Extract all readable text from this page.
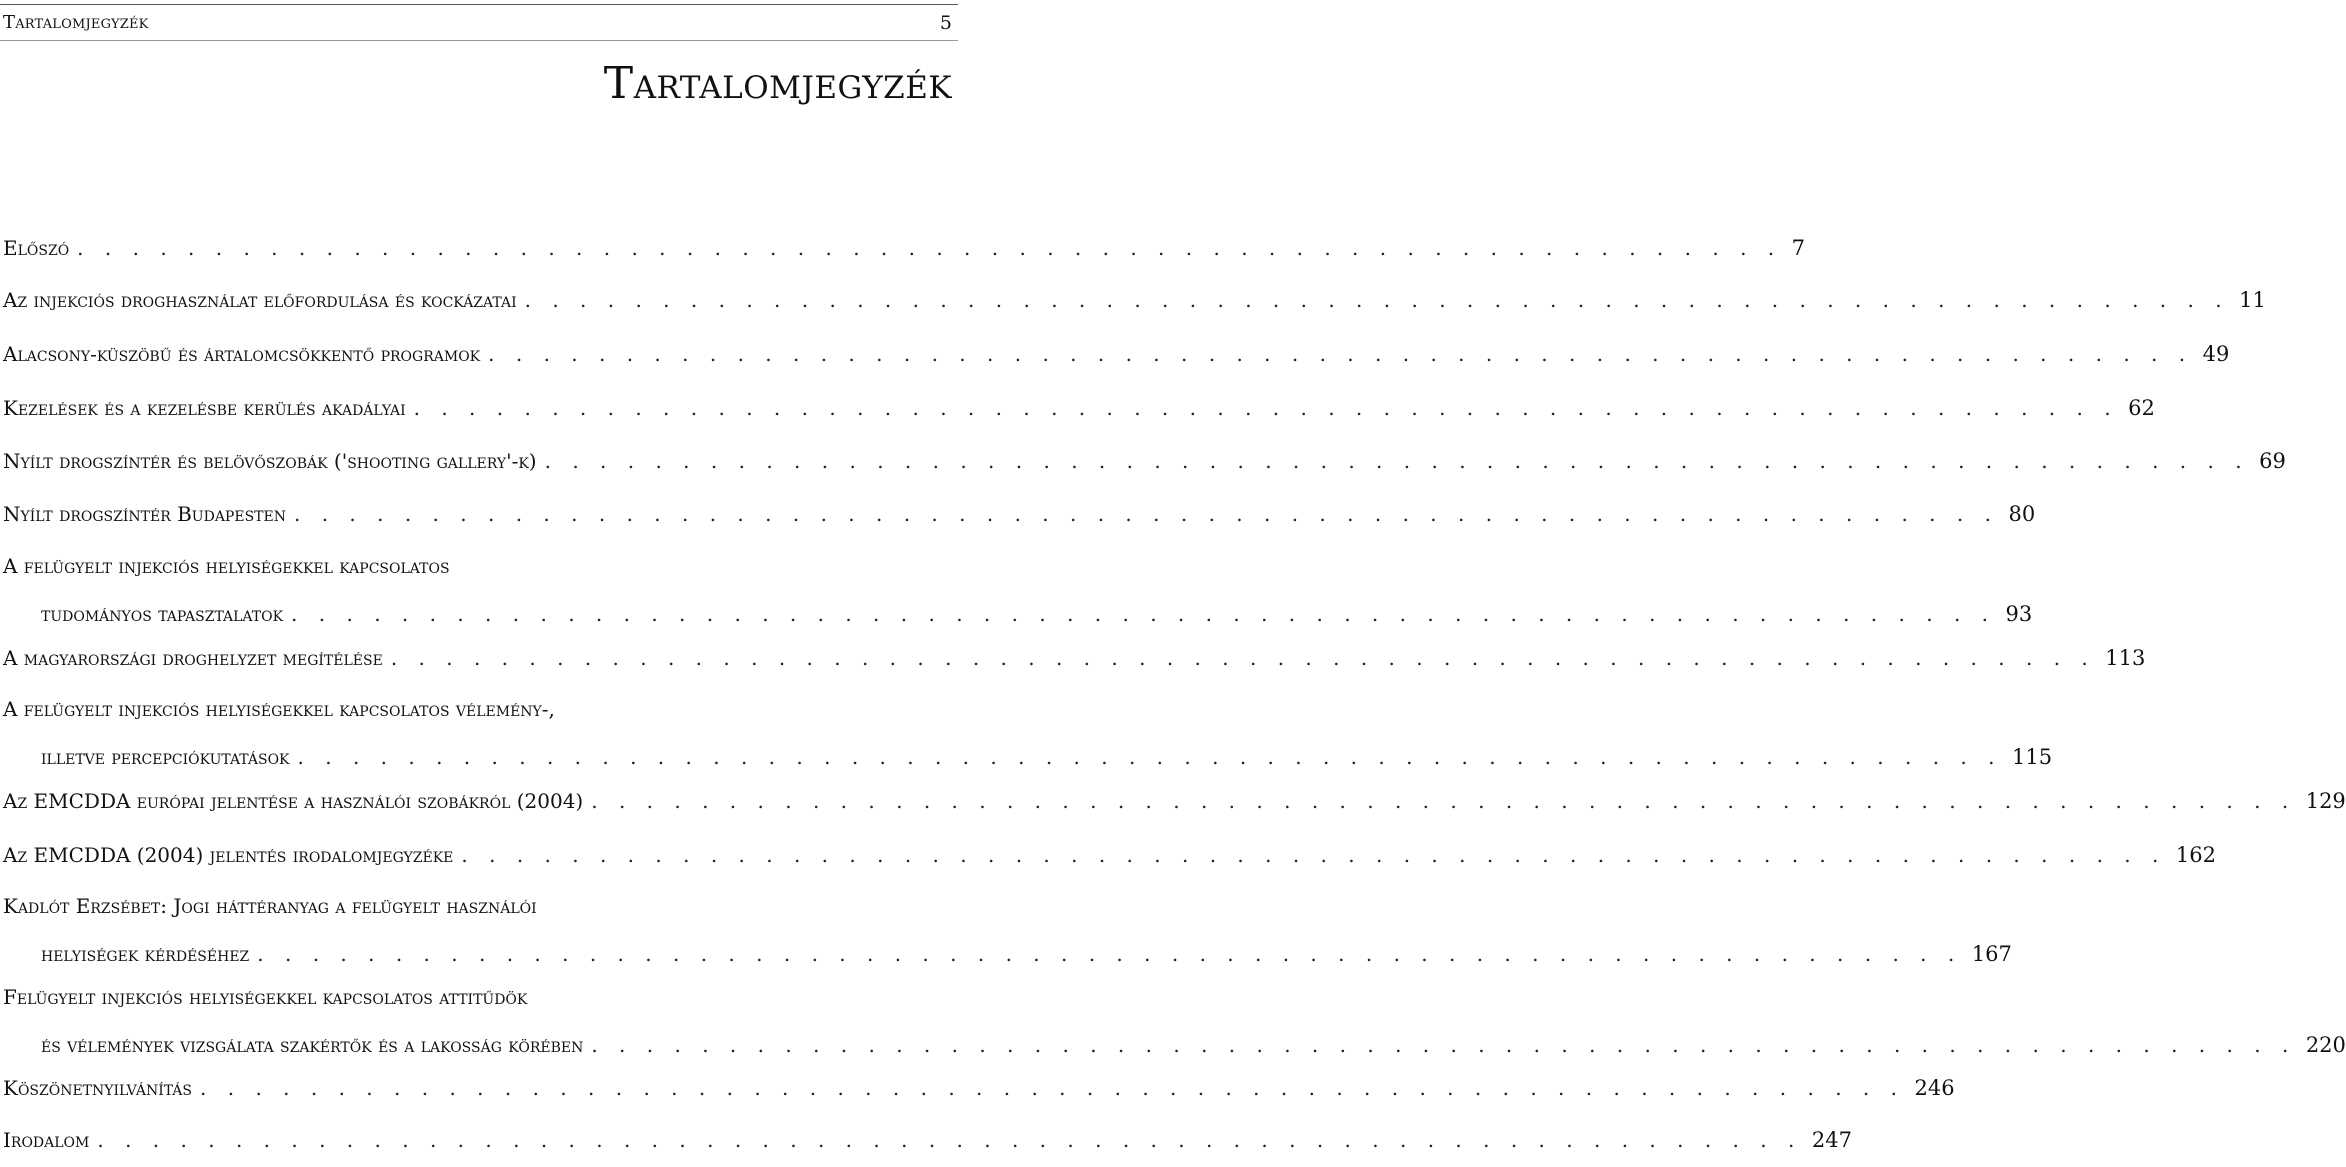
Tartalomjegyzék	5
Tartalomjegyzék
Előszó . . . . . . . . . . . . . . . . . . . . . . . . . . . . . . . . . . . . . . . . . . . . . . . . . . . . . . . . . . . . . . 7
Az injekciós droghasználat előfordulása és kockázatai . . . . . . . . . . . . . . . . . . . . . . . . . . . . . . . . . . . . . . . . . . . . . . . . . . . . . . . . . . . . . . 11
Alacsony-küszöbű és ártalomcsökkentő programok . . . . . . . . . . . . . . . . . . . . . . . . . . . . . . . . . . . . . . . . . . . . . . . . . . . . . . . . . . . . . . 49
Kezelések és a kezelésbe kerülés akadályai . . . . . . . . . . . . . . . . . . . . . . . . . . . . . . . . . . . . . . . . . . . . . . . . . . . . . . . . . . . . . . 62
Nyílt drogszíntér és belövőszobák ('shooting gallery'-k) . . . . . . . . . . . . . . . . . . . . . . . . . . . . . . . . . . . . . . . . . . . . . . . . . . . . . . . . . . . . . . 69
Nyílt drogszíntér Budapesten . . . . . . . . . . . . . . . . . . . . . . . . . . . . . . . . . . . . . . . . . . . . . . . . . . . . . . . . . . . . . . 80
A felügyelt injekciós helyiségekkel kapcsolatos
tudományos tapasztalatok . . . . . . . . . . . . . . . . . . . . . . . . . . . . . . . . . . . . . . . . . . . . . . . . . . . . . . . . . . . . . . 93
A magyarországi droghelyzet megítélése . . . . . . . . . . . . . . . . . . . . . . . . . . . . . . . . . . . . . . . . . . . . . . . . . . . . . . . . . . . . . . 113
A felügyelt injekciós helyiségekkel kapcsolatos vélemény-,
illetve percepciókutatások . . . . . . . . . . . . . . . . . . . . . . . . . . . . . . . . . . . . . . . . . . . . . . . . . . . . . . . . . . . . . . 115
Az EMCDDA európai jelentése a használói szobákról (2004) . . . . . . . . . . . . . . . . . . . . . . . . . . . . . . . . . . . . . . . . . . . . . . . . . . . . . . . . . . . . . . 129
Az EMCDDA (2004) jelentés irodalomjegyzéke . . . . . . . . . . . . . . . . . . . . . . . . . . . . . . . . . . . . . . . . . . . . . . . . . . . . . . . . . . . . . . 162
Kadlót Erzsébet: Jogi háttéranyag a felügyelt használói
helyiségek kérdéséhez . . . . . . . . . . . . . . . . . . . . . . . . . . . . . . . . . . . . . . . . . . . . . . . . . . . . . . . . . . . . . . 167
Felügyelt injekciós helyiségekkel kapcsolatos attitűdök
és vélemények vizsgálata szakértők és a lakosság körében . . . . . . . . . . . . . . . . . . . . . . . . . . . . . . . . . . . . . . . . . . . . . . . . . . . . . . . . . . . . . . 220
Köszönetnyilvánítás . . . . . . . . . . . . . . . . . . . . . . . . . . . . . . . . . . . . . . . . . . . . . . . . . . . . . . . . . . . . . . 246
Irodalom . . . . . . . . . . . . . . . . . . . . . . . . . . . . . . . . . . . . . . . . . . . . . . . . . . . . . . . . . . . . . . 247
